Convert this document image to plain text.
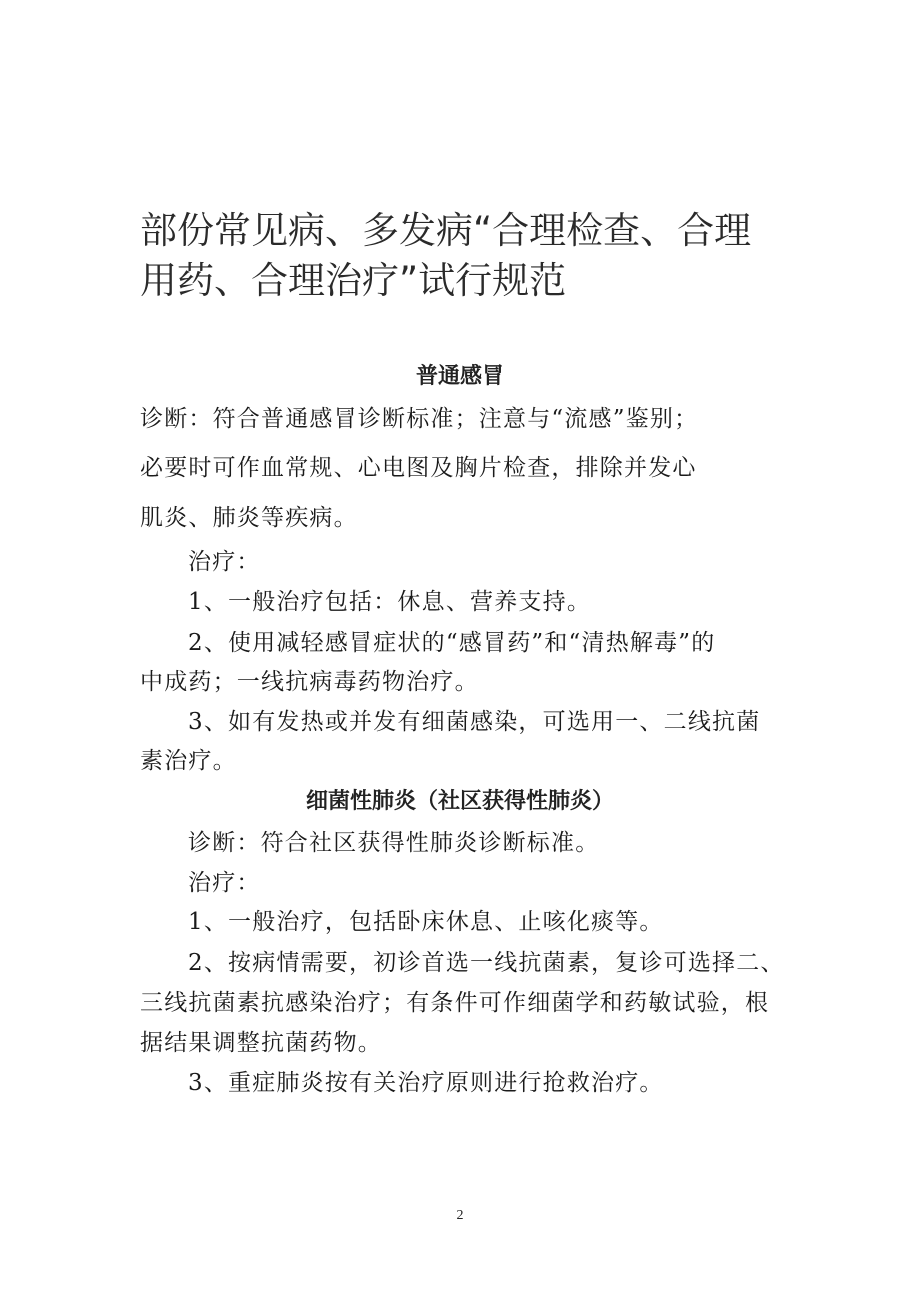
部份常见病、多发病“合理检查、合理
用药、合理治疗”试行规范
普通感冒

诊断：符合普通感冒诊断标准；注意与“流感”鉴别；

必要时可作血常规、心电图及胸片检查，排除并发心

肌炎、肺炎等疾病。

治疗：

1、一般治疗包括：休息、营养支持。

2、使用减轻感冒症状的“感冒药”和“清热解毒”的

中成药；一线抗病毒药物治疗。

3、如有发热或并发有细菌感染，可选用一、二线抗菌

素治疗。

细菌性肺炎（社区获得性肺炎）

诊断：符合社区获得性肺炎诊断标准。

治疗：

1、一般治疗，包括卧床休息、止咳化痰等。

2、按病情需要，初诊首选一线抗菌素，复诊可选择二、

三线抗菌素抗感染治疗；有条件可作细菌学和药敏试验，根

据结果调整抗菌药物。

3、重症肺炎按有关治疗原则进行抢救治疗。

2
